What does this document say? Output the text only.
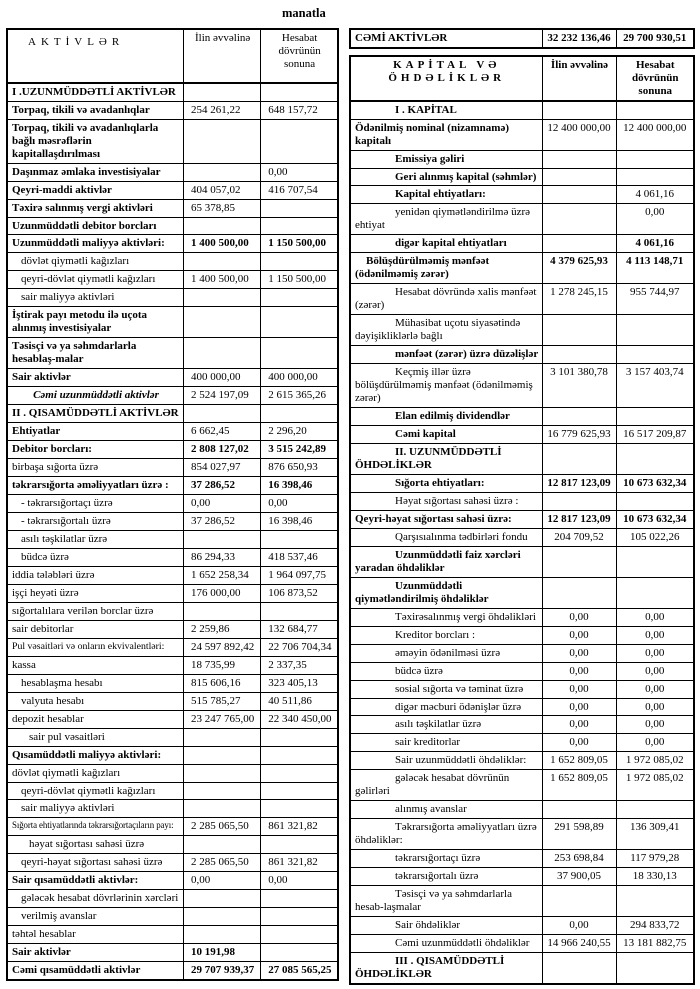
manatla
AKTİVLƏR	İlin əvvəlinə	Hesabat dövrünün sonuna
I .UZUNMÜDDƏTLİ AKTİVLƏR		
Torpaq, tikili və avadanlıqlar	254 261,22	648 157,72
Torpaq, tikili və avadanlıqlarla bağlı məsrəflərin kapitallaşdırılması		
Daşınmaz əmlaka investisiyalar		0,00
Qeyri-maddi aktivlər	404 057,02	416 707,54
Təxirə salınmış vergi aktivləri	65 378,85	
Uzunmüddətli debitor borcları		
Uzunmüddətli maliyyə aktivləri:	1 400 500,00	1 150 500,00
dövlət qiymətli kağızları		
qeyri-dövlət qiymətli kağızları	1 400 500,00	1 150 500,00
sair maliyyə aktivləri		
İştirak payı metodu ilə uçota alınmış investisiyalar		
Təsisçi və ya səhmdarlarla hesablaş-malar		
Sair aktivlər	400 000,00	400 000,00
Cəmi uzunmüddətli aktivlər	2 524 197,09	2 615 365,26
II . QISAMÜDDƏTLİ AKTİVLƏR		
Ehtiyatlar	6 662,45	2 296,20
Debitor borcları:	2 808 127,02	3 515 242,89
birbaşa sığorta üzrə	854 027,97	876 650,93
təkrarsığorta əməliyyatları üzrə :	37 286,52	16 398,46
- təkrarsığortaçı üzrə	0,00	0,00
- təkrarsığortalı üzrə	37 286,52	16 398,46
asılı təşkilatlar üzrə		
büdcə üzrə	86 294,33	418 537,46
iddia tələbləri üzrə	1 652 258,34	1 964 097,75
işçi heyəti üzrə	176 000,00	106 873,52
sığortalılara verilən borclar üzrə		
sair debitorlar	2 259,86	132 684,77
Pul vəsaitləri və onların ekvivalentləri:	24 597 892,42	22 706 704,34
kassa	18 735,99	2 337,35
hesablaşma hesabı	815 606,16	323 405,13
valyuta hesabı	515 785,27	40 511,86
depozit hesablar	23 247 765,00	22 340 450,00
sair pul vəsaitləri		
Qısamüddətli maliyyə aktivləri:		
dövlət qiymətli kağızları		
qeyri-dövlət qiymətli kağızları		
sair maliyyə aktivləri		
Sığorta ehtiyatlarında təkrarsığortaçıların payı:	2 285 065,50	861 321,82
həyat sığortası sahəsi üzrə		
qeyri-həyat sığortası sahəsi üzrə	2 285 065,50	861 321,82
Sair qısamüddətli aktivlər:	0,00	0,00
gələcək hesabat dövrlərinin xərcləri		
verilmiş avanslar		
təhtəl hesablar		
Sair aktivlər	10 191,98	
Cəmi qısamüddətli aktivlər	29 707 939,37	27 085 565,25
CƏMİ AKTİVLƏR	32 232 136,46	29 700 930,51
KAPİTAL VƏ ÖHDƏLİKLƏR	İlin əvvəlinə	Hesabat dövrünün sonuna
I . KAPİTAL		
Ödənilmiş nominal (nizamnamə) kapitalı	12 400 000,00	12 400 000,00
Emissiya gəliri		
Geri alınmış kapital (səhmlər)		
Kapital ehtiyatları:		4 061,16
yenidən qiymətləndirilmə üzrə ehtiyat		0,00
digər kapital ehtiyatları		4 061,16
Bölüşdürülməmiş mənfəət (ödənilməmiş zərər)	4 379 625,93	4 113 148,71
Hesabat dövründə xalis mənfəət (zərər)	1 278 245,15	955 744,97
Mühasibat uçotu siyasətində dəyişikliklərlə bağlı		
mənfəət (zərər) üzrə düzəlişlər		
Keçmiş illər üzrə bölüşdürülməmiş mənfəət (ödənilməmiş zərər)	3 101 380,78	3 157 403,74
Elan edilmiş dividendlər		
Cəmi kapital	16 779 625,93	16 517 209,87
II. UZUNMÜDDƏTLİ ÖHDƏLİKLƏR		
Sığorta ehtiyatları:	12 817 123,09	10 673 632,34
Həyat sığortası sahəsi üzrə :		
Qeyri-həyat sığortası sahəsi üzrə:	12 817 123,09	10 673 632,34
Qarşısıalınma tədbirləri fondu	204 709,52	105 022,26
Uzunmüddətli faiz xərcləri yaradan öhdəliklər		
Uzunmüddətli qiymətləndirilmiş öhdəliklər		
Təxirəsalınmış vergi öhdəlikləri	0,00	0,00
Kreditor borcları :	0,00	0,00
əməyin ödənilməsi üzrə	0,00	0,00
büdcə üzrə	0,00	0,00
sosial sığorta və təminat üzrə	0,00	0,00
digər məcburi ödənişlər üzrə	0,00	0,00
asılı təşkilatlar üzrə	0,00	0,00
sair kreditorlar	0,00	0,00
Sair uzunmüddətli öhdəliklər:	1 652 809,05	1 972 085,02
gələcək hesabat dövrünün gəlirləri	1 652 809,05	1 972 085,02
alınmış avanslar		
Təkrarsığorta əməliyyatları üzrə öhdəliklər:	291 598,89	136 309,41
təkrarsığortaçı üzrə	253 698,84	117 979,28
təkrarsığortalı üzrə	37 900,05	18 330,13
Təsisçi və ya səhmdarlarla hesab-laşmalar		
Sair öhdəliklər	0,00	294 833,72
Cəmi uzunmüddətli öhdəliklər	14 966 240,55	13 181 882,75
III . QISAMÜDDƏTLİ ÖHDƏLİKLƏR		
